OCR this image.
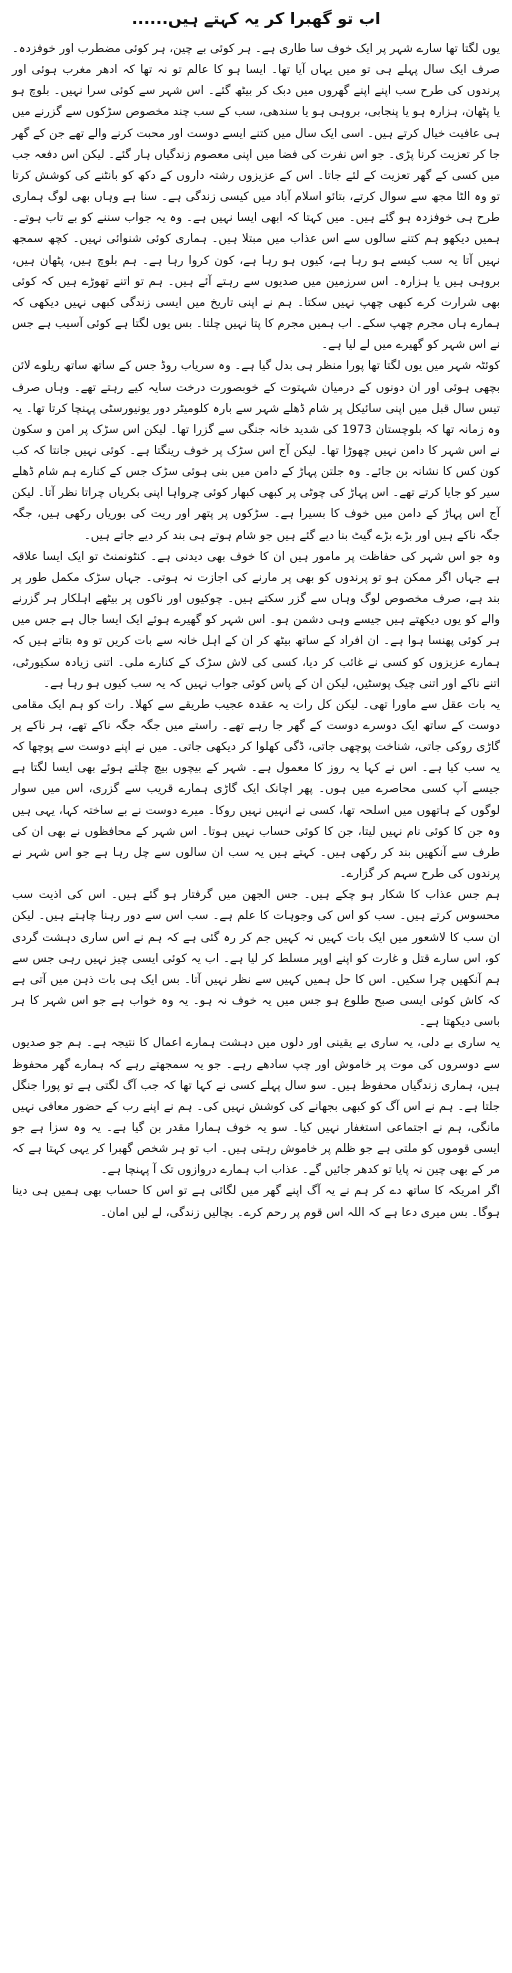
اب تو گھبرا کر یہ کہتے ہیں......

یوں لگتا تھا سارے شہر پر ایک خوف سا طاری ہے۔ ہر کوئی بے چین، ہر کوئی مضطرب اور خوفزدہ۔ صرف ایک سال پہلے ہی تو میں یہاں آیا تھا۔ ایسا ہو کا عالم تو نہ تھا کہ ادھر مغرب ہوئی اور پرندوں کی طرح سب اپنے اپنے گھروں میں دبک کر بیٹھ گئے۔ اس شہر سے کوئی سرا نہیں۔ بلوچ ہو یا پٹھان، ہزارہ ہو یا پنجابی، بروہی ہو یا سندھی، سب کے سب چند مخصوص سڑکوں سے گزرنے میں ہی عافیت خیال کرتے ہیں۔ اسی ایک سال میں کتنے ایسے دوست اور محبت کرنے والے تھے جن کے گھر جا کر تعزیت کرنا پڑی۔ جو اس نفرت کی فضا میں اپنی معصوم زندگیاں ہار گئے۔ لیکن اس دفعہ جب میں کسی کے گھر تعزیت کے لئے جاتا۔ اس کے عزیزوں رشتہ داروں کے دکھ کو بانٹنے کی کوشش کرتا تو وہ الٹا مجھ سے سوال کرتے، بتائو اسلام آباد میں کیسی زندگی ہے۔ سنا ہے وہاں بھی لوگ ہماری طرح ہی خوفزدہ ہو گئے ہیں۔ میں کہتا کہ ابھی ایسا نہیں ہے۔ وہ یہ جواب سننے کو بے تاب ہوتے۔ ہمیں دیکھو ہم کتنے سالوں سے اس عذاب میں مبتلا ہیں۔ ہماری کوئی شنوائی نہیں۔ کچھ سمجھ نہیں آتا یہ سب کیسے ہو رہا ہے، کیوں ہو رہا ہے، کون کروا رہا ہے۔ ہم بلوچ ہیں، پٹھان ہیں، بروہی ہیں یا ہزارہ۔ اس سرزمین میں صدیوں سے رہتے آئے ہیں۔ ہم تو اتنے تھوڑے ہیں کہ کوئی بھی شرارت کرے کبھی چھپ نہیں سکتا۔ ہم نے اپنی تاریخ میں ایسی زندگی کبھی نہیں دیکھی کہ ہمارے ہاں مجرم چھپ سکے۔ اب ہمیں مجرم کا پتا نہیں چلتا۔ بس یوں لگتا ہے کوئی آسیب ہے جس نے اس شہر کو گھیرے میں لے لیا ہے۔

کوئٹہ شہر میں یوں لگتا تھا پورا منظر ہی بدل گیا ہے۔ وہ سریاب روڈ جس کے ساتھ ساتھ ریلوے لائن بچھی ہوئی اور ان دونوں کے درمیان شہتوت کے خوبصورت درخت سایہ کیے رہتے تھے۔ وہاں صرف تیس سال قبل میں اپنی سائیکل پر شام ڈھلے شہر سے بارہ کلومیٹر دور یونیورسٹی پہنچا کرتا تھا۔ یہ وہ زمانہ تھا کہ بلوچستان 1973 کی شدید خانہ جنگی سے گزرا تھا۔ لیکن اس سڑک پر امن و سکون نے اس شہر کا دامن نہیں چھوڑا تھا۔ لیکن آج اس سڑک پر خوف رینگتا ہے۔ کوئی نہیں جانتا کہ کب کون کس کا نشانہ بن جائے۔ وہ جلتن پہاڑ کے دامن میں بنی ہوئی سڑک جس کے کنارے ہم شام ڈھلے سیر کو جایا کرتے تھے۔ اس پہاڑ کی چوٹی پر کبھی کبھار کوئی چرواہا اپنی بکریاں چراتا نظر آتا۔ لیکن آج اس پہاڑ کے دامن میں خوف کا بسیرا ہے۔ سڑکوں پر پتھر اور ریت کی بوریاں رکھی ہیں، جگہ جگہ ناکے ہیں اور بڑے بڑے گیٹ بنا دیے گئے ہیں جو شام ہوتے ہی بند کر دیے جاتے ہیں۔

وہ جو اس شہر کی حفاظت پر مامور ہیں ان کا خوف بھی دیدنی ہے۔ کنٹونمنٹ تو ایک ایسا علاقہ ہے جہاں اگر ممکن ہو تو پرندوں کو بھی پر مارنے کی اجازت نہ ہوتی۔ جہاں سڑک مکمل طور پر بند ہے، صرف مخصوص لوگ وہاں سے گزر سکتے ہیں۔ چوکیوں اور ناکوں پر بیٹھے اہلکار ہر گزرنے والے کو یوں دیکھتے ہیں جیسے وہی دشمن ہو۔ اس شہر کو گھیرے ہوئے ایک ایسا جال ہے جس میں ہر کوئی پھنسا ہوا ہے۔ ان افراد کے ساتھ بیٹھ کر ان کے اہل خانہ سے بات کریں تو وہ بتاتے ہیں کہ ہمارے عزیزوں کو کسی نے غائب کر دیا، کسی کی لاش سڑک کے کنارے ملی۔ اتنی زیادہ سکیورٹی، اتنے ناکے اور اتنی چیک پوسٹیں، لیکن ان کے پاس کوئی جواب نہیں کہ یہ سب کیوں ہو رہا ہے۔

یہ بات عقل سے ماورا تھی۔ لیکن کل رات یہ عقدہ عجیب طریقے سے کھلا۔ رات کو ہم ایک مقامی دوست کے ساتھ ایک دوسرے دوست کے گھر جا رہے تھے۔ راستے میں جگہ جگہ ناکے تھے، ہر ناکے پر گاڑی روکی جاتی، شناخت پوچھی جاتی، ڈگی کھلوا کر دیکھی جاتی۔ میں نے اپنے دوست سے پوچھا کہ یہ سب کیا ہے۔ اس نے کہا یہ روز کا معمول ہے۔ شہر کے بیچوں بیچ چلتے ہوئے بھی ایسا لگتا ہے جیسے آپ کسی محاصرے میں ہوں۔ پھر اچانک ایک گاڑی ہمارے قریب سے گزری، اس میں سوار لوگوں کے ہاتھوں میں اسلحہ تھا، کسی نے انہیں نہیں روکا۔ میرے دوست نے بے ساختہ کہا، یہی ہیں وہ جن کا کوئی نام نہیں لیتا، جن کا کوئی حساب نہیں ہوتا۔ اس شہر کے محافظوں نے بھی ان کی طرف سے آنکھیں بند کر رکھی ہیں۔ کہتے ہیں یہ سب ان سالوں سے چل رہا ہے جو اس شہر نے پرندوں کی طرح سہم کر گزارے۔

ہم جس عذاب کا شکار ہو چکے ہیں۔ جس الجھن میں گرفتار ہو گئے ہیں۔ اس کی اذیت سب محسوس کرتے ہیں۔ سب کو اس کی وجوہات کا علم ہے۔ سب اس سے دور رہنا چاہتے ہیں۔ لیکن ان سب کا لاشعور میں ایک بات کہیں نہ کہیں جم کر رہ گئی ہے کہ ہم نے اس ساری دہشت گردی کو، اس سارے قتل و غارت کو اپنے اوپر مسلط کر لیا ہے۔ اب یہ کوئی ایسی چیز نہیں رہی جس سے ہم آنکھیں چرا سکیں۔ اس کا حل ہمیں کہیں سے نظر نہیں آتا۔ بس ایک ہی بات ذہن میں آتی ہے کہ کاش کوئی ایسی صبح طلوع ہو جس میں یہ خوف نہ ہو۔ یہ وہ خواب ہے جو اس شہر کا ہر باسی دیکھتا ہے۔

یہ ساری بے دلی، یہ ساری بے یقینی اور دلوں میں دہشت ہمارے اعمال کا نتیجہ ہے۔ ہم جو صدیوں سے دوسروں کی موت پر خاموش اور چپ سادھے رہے۔ جو یہ سمجھتے رہے کہ ہمارے گھر محفوظ ہیں، ہماری زندگیاں محفوظ ہیں۔ سو سال پہلے کسی نے کہا تھا کہ جب آگ لگتی ہے تو پورا جنگل جلتا ہے۔ ہم نے اس آگ کو کبھی بجھانے کی کوشش نہیں کی۔ ہم نے اپنے رب کے حضور معافی نہیں مانگی، ہم نے اجتماعی استغفار نہیں کیا۔ سو یہ خوف ہمارا مقدر بن گیا ہے۔ یہ وہ سزا ہے جو ایسی قوموں کو ملتی ہے جو ظلم پر خاموش رہتی ہیں۔ اب تو ہر شخص گھبرا کر یہی کہتا ہے کہ مر کے بھی چین نہ پایا تو کدھر جائیں گے۔ عذاب اب ہمارے دروازوں تک آ پہنچا ہے۔

اگر امریکہ کا ساتھ دے کر ہم نے یہ آگ اپنے گھر میں لگائی ہے تو اس کا حساب بھی ہمیں ہی دینا ہوگا۔ بس میری دعا ہے کہ اللہ اس قوم پر رحم کرے۔ بچالیں زندگی، لے لیں امان۔
